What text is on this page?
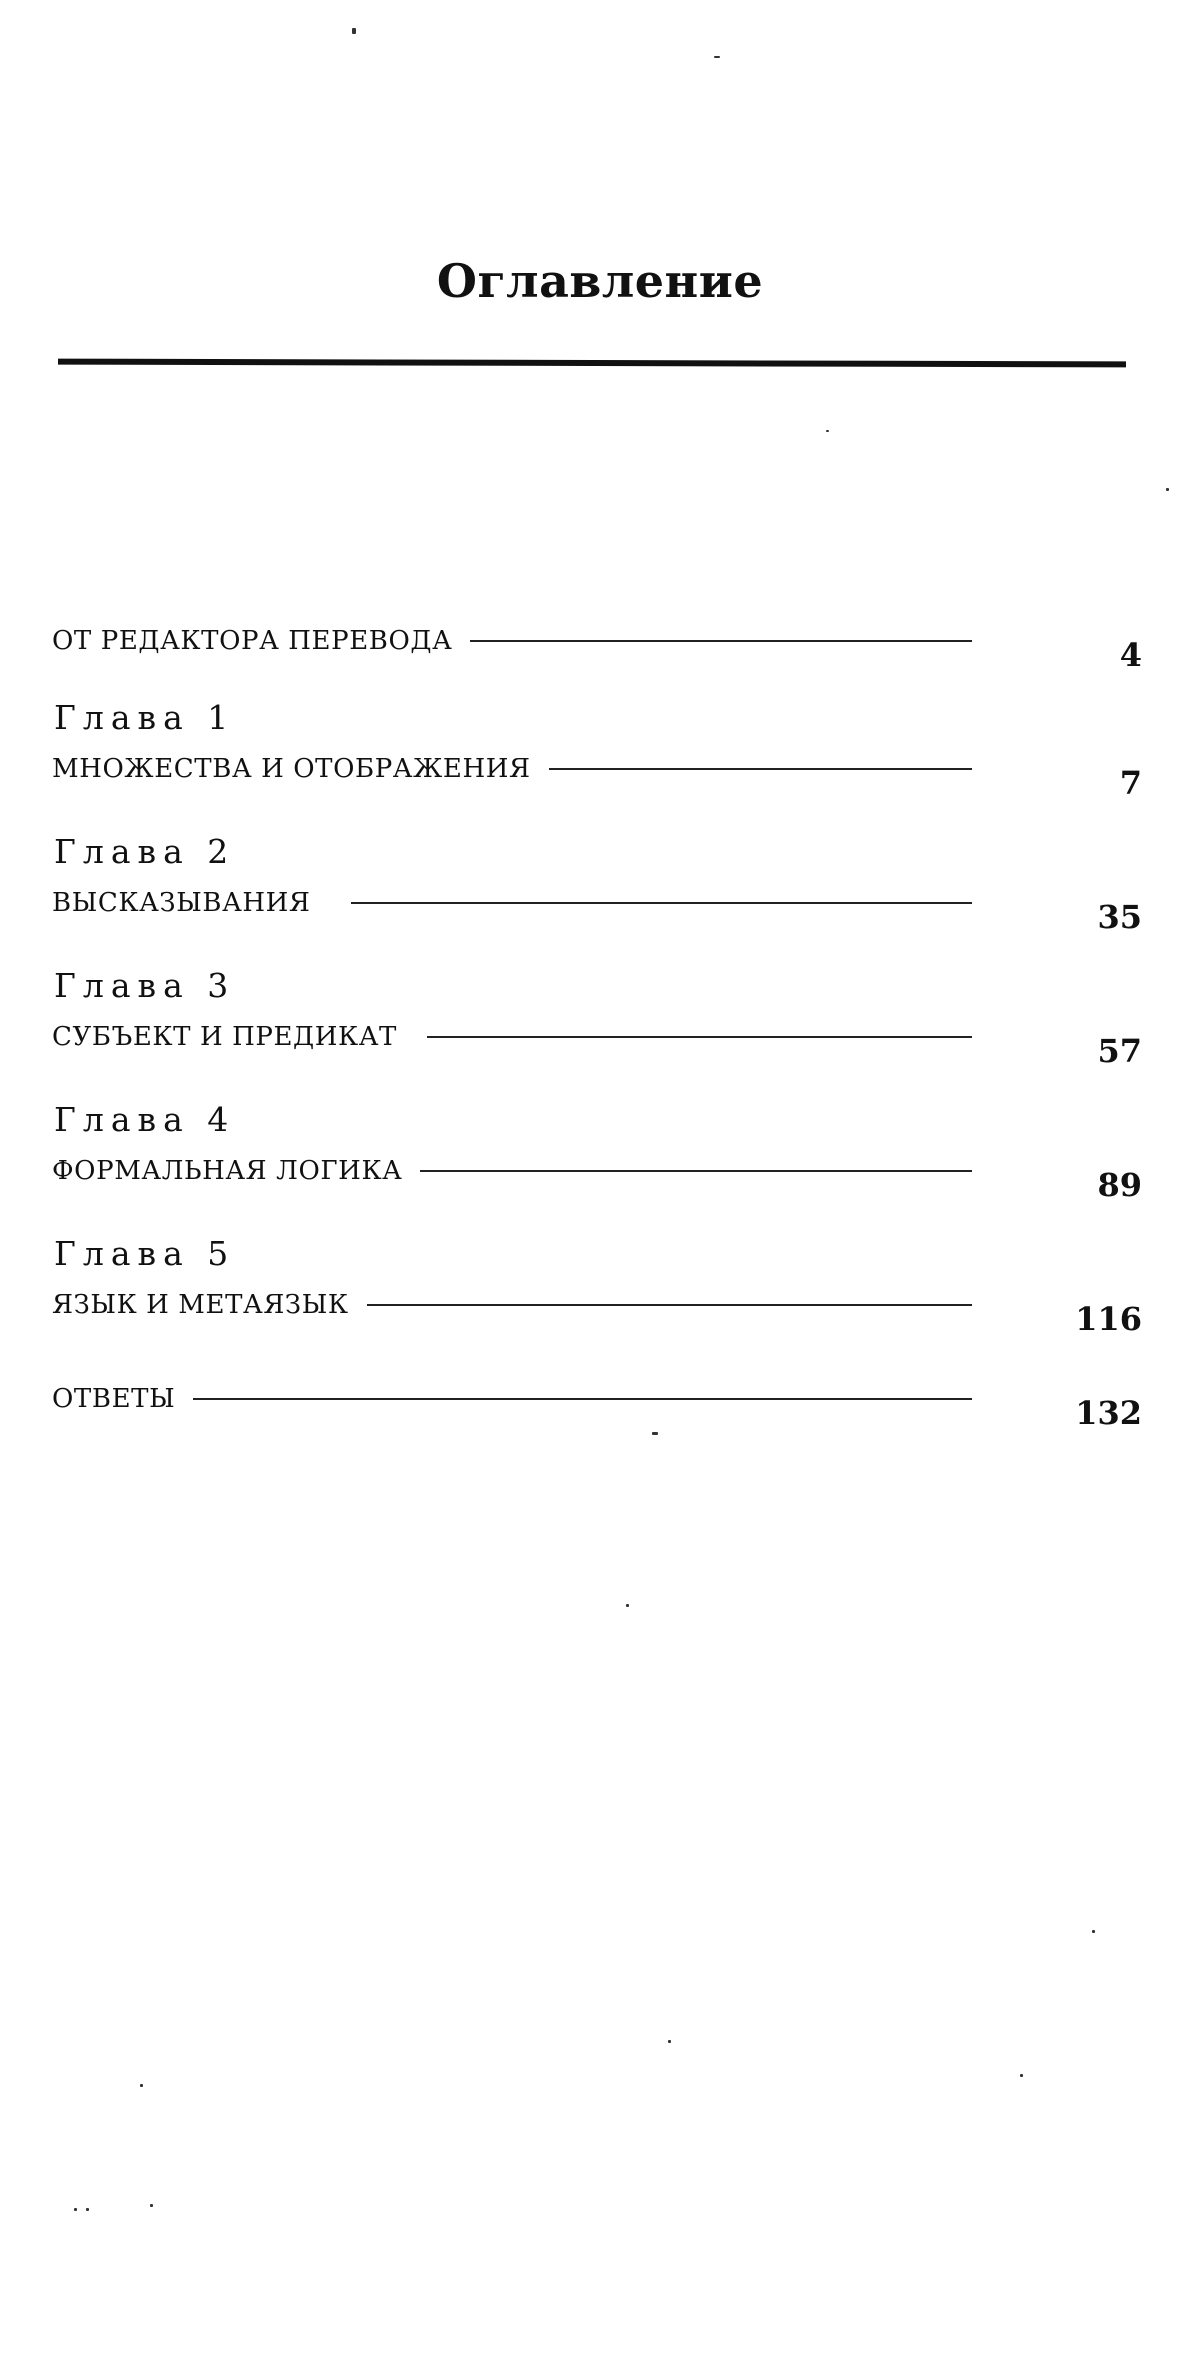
Оглавление
ОТ РЕДАКТОРА ПЕРЕВОДА	4
Глава 1
МНОЖЕСТВА И ОТОБРАЖЕНИЯ	7
Глава 2
ВЫСКАЗЫВАНИЯ	35
Глава 3
СУБЪЕКТ И ПРЕДИКАТ	57
Глава 4
ФОРМАЛЬНАЯ ЛОГИКА	89
Глава 5
ЯЗЫК И МЕТАЯЗЫК	116
ОТВЕТЫ	132
